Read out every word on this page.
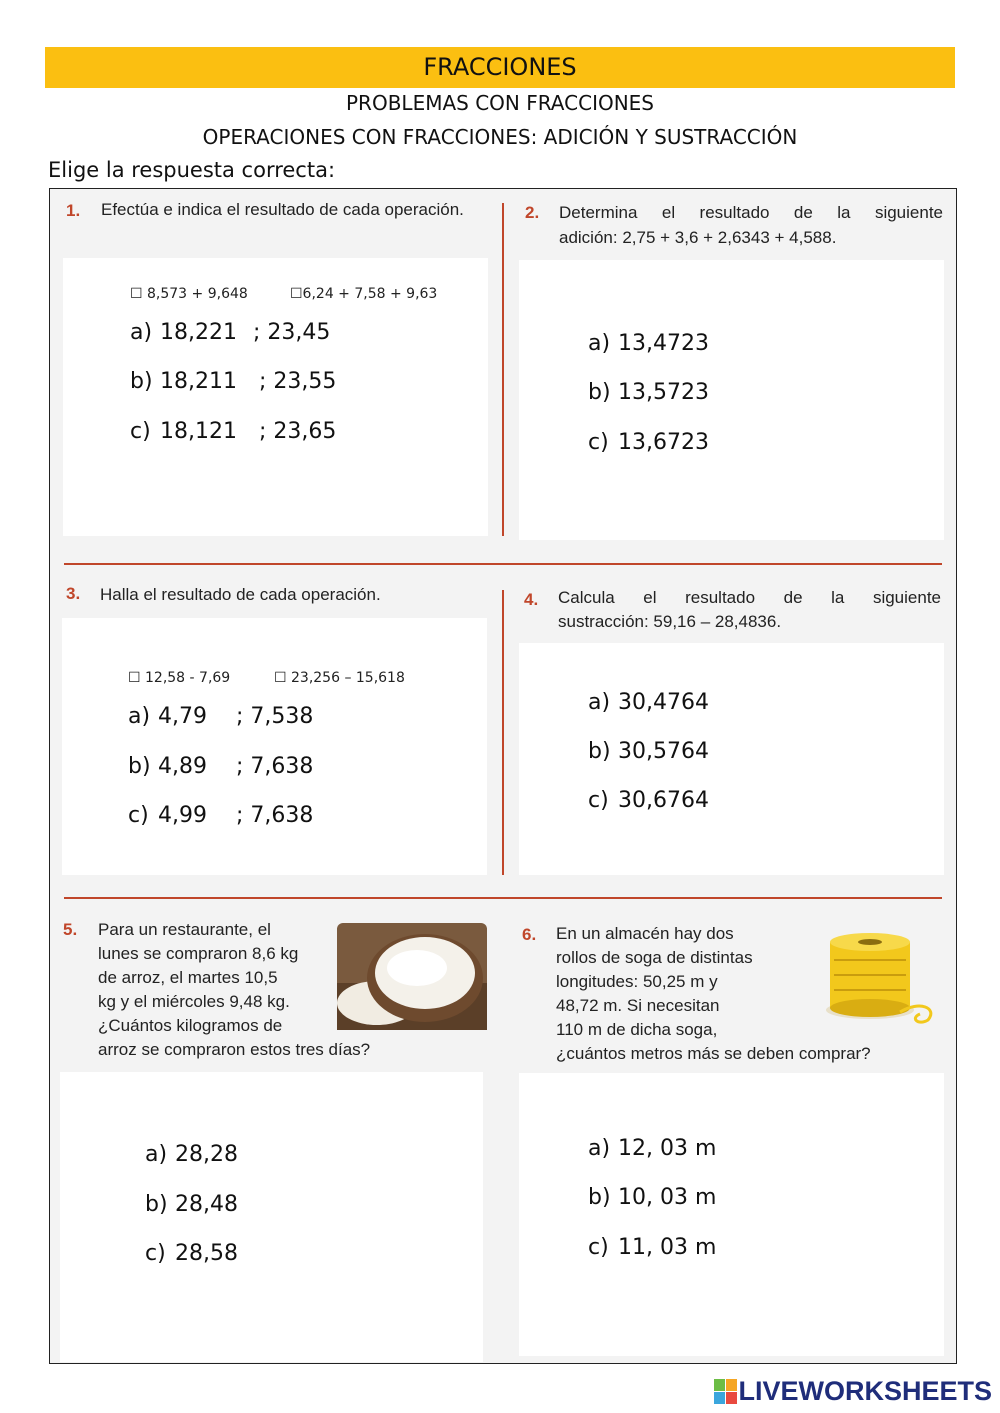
FRACCIONES
PROBLEMAS CON FRACCIONES
OPERACIONES CON FRACCIONES: ADICIÓN Y SUSTRACCIÓN
Elige la respuesta correcta:
1. Efectúa e indica el resultado de cada operación.
☐ 8,573 + 9,648	☐6,24 + 7,58 + 9,63
a) 18,221 ; 23,45
b) 18,211 ; 23,55
c) 18,121 ; 23,65
2. Determina el resultado de la siguiente
adición: 2,75 + 3,6 + 2,6343 + 4,588.
a) 13,4723
b) 13,5723
c) 13,6723
3. Halla el resultado de cada operación.
☐ 12,58 - 7,69	☐ 23,256 – 15,618
a) 4,79 ; 7,538
b) 4,89 ; 7,638
c) 4,99 ; 7,638
4. Calcula el resultado de la siguiente
sustracción: 59,16 – 28,4836.
a) 30,4764
b) 30,5764
c) 30,6764
5. Para un restaurante, el
lunes se compraron 8,6 kg
de arroz, el martes 10,5
kg y el miércoles 9,48 kg.
¿Cuántos kilogramos de
arroz se compraron estos tres días?
a) 28,28
b) 28,48
c) 28,58
6. En un almacén hay dos
rollos de soga de distintas
longitudes: 50,25 m y
48,72 m. Si necesitan
110 m de dicha soga,
¿cuántos metros más se deben comprar?
a) 12, 03 m
b) 10, 03 m
c) 11, 03 m
LIVEWORKSHEETS
